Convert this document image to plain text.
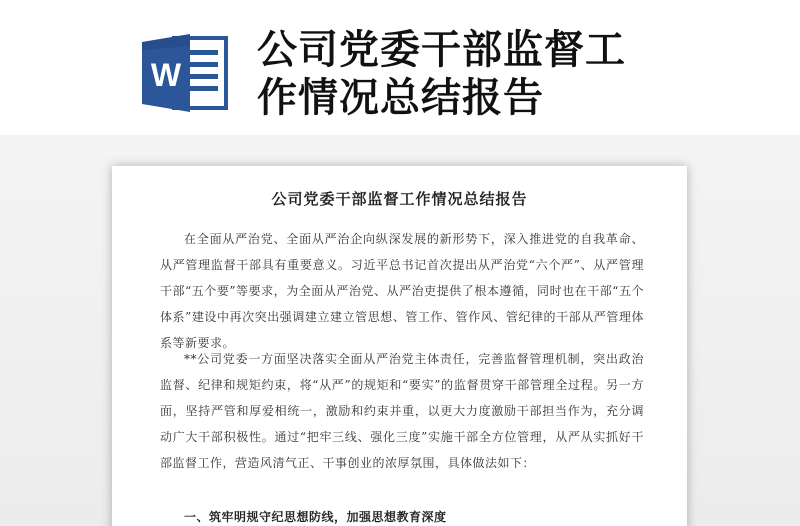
W
公司党委干部监督工
作情况总结报告
公司党委干部监督工作情况总结报告

在全面从严治党、全面从严治企向纵深发展的新形势下，深入推进党的自我革命、从严管理监督干部具有重要意义。习近平总书记首次提出从严治党“六个严”、从严管理干部“五个要”等要求，为全面从严治党、从严治吏提供了根本遵循，同时也在干部“五个体系”建设中再次突出强调建立建立管思想、管工作、管作风、管纪律的干部从严管理体系等新要求。

**公司党委一方面坚决落实全面从严治党主体责任，完善监督管理机制，突出政治监督、纪律和规矩约束，将“从严”的规矩和“要实”的监督贯穿干部管理全过程。另一方面，坚持严管和厚爱相统一，激励和约束并重，以更大力度激励干部担当作为，充分调动广大干部积极性。通过“把牢三线、强化三度”实施干部全方位管理，从严从实抓好干部监督工作，营造风清气正、干事创业的浓厚氛围，具体做法如下：

一、筑牢明规守纪思想防线，加强思想教育深度
